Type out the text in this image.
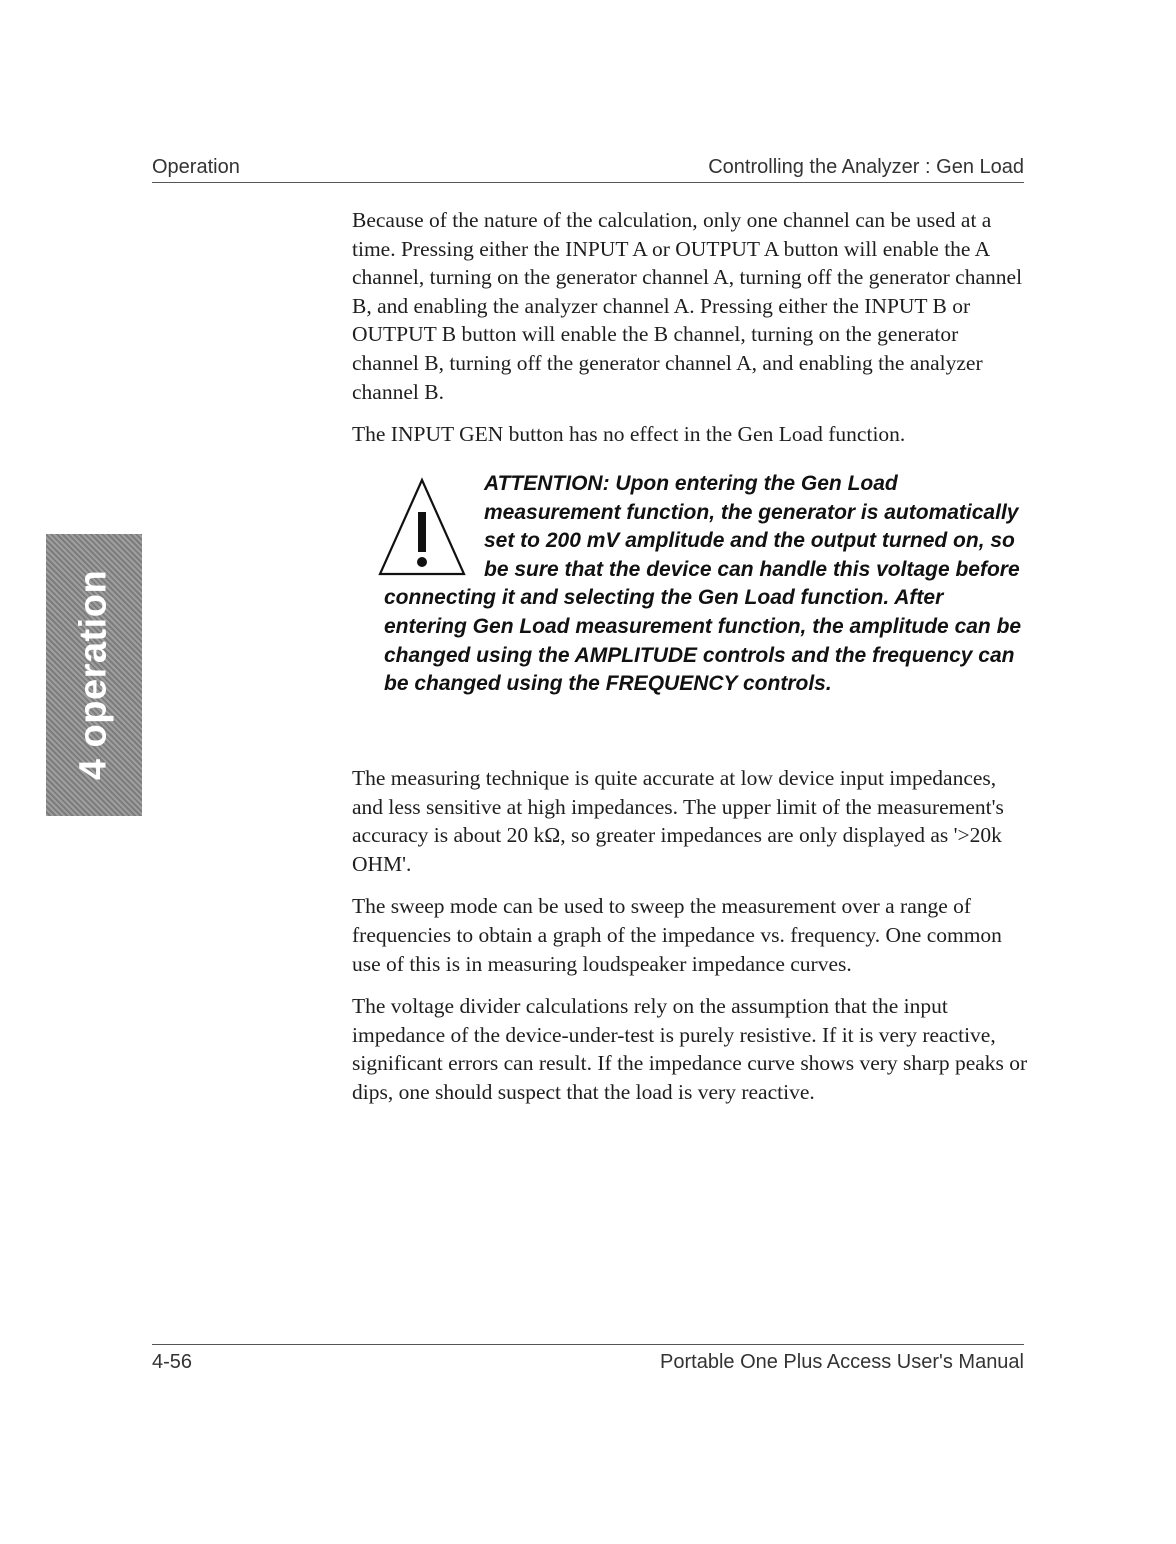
Operation	Controlling the Analyzer : Gen Load

Because of the nature of the calculation, only one channel can be used at a time. Pressing either the INPUT A or OUTPUT A button will enable the A channel, turning on the generator channel A, turning off the generator channel B, and enabling the analyzer channel A. Pressing either the INPUT B or OUTPUT B button will enable the B channel, turning on the generator channel B, turning off the generator channel A, and enabling the analyzer channel B.

The INPUT GEN button has no effect in the Gen Load function.

ATTENTION: Upon entering the Gen Load measurement function, the generator is automatically set to 200 mV amplitude and the output turned on, so be sure that the device can handle this voltage before connecting it and selecting the Gen Load function. After entering Gen Load measurement function, the amplitude can be changed using the AMPLITUDE controls and the frequency can be changed using the FREQUENCY controls.
4 operation	The measuring technique is quite accurate at low device input impedances, and less sensitive at high impedances. The upper limit of the measurement's accuracy is about 20 kΩ, so greater impedances are only displayed as '>20k OHM'.

The sweep mode can be used to sweep the measurement over a range of frequencies to obtain a graph of the impedance vs. frequency. One common use of this is in measuring loudspeaker impedance curves.

The voltage divider calculations rely on the assumption that the input impedance of the device-under-test is purely resistive. If it is very reactive, significant errors can result. If the impedance curve shows very sharp peaks or dips, one should suspect that the load is very reactive.

4-56	Portable One Plus Access User's Manual
